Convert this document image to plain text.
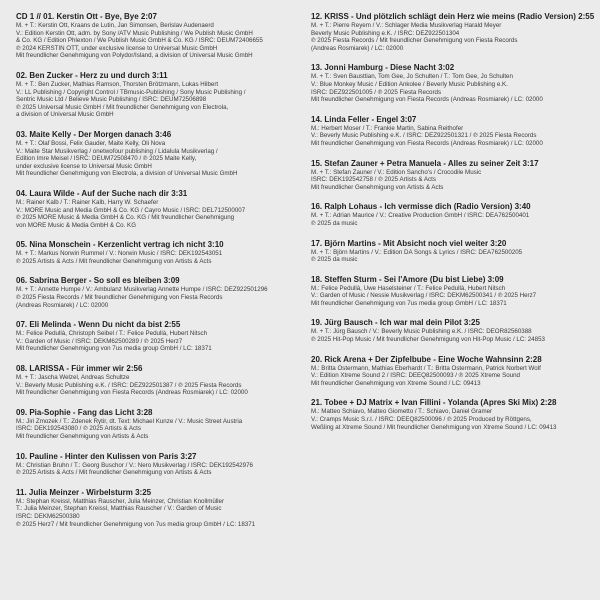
CD 1 // 01. Kerstin Ott - Bye, Bye 2:07
M. + T.: Kerstin Ott, Kraans de Lutin, Jan Simonsen, Berislav Audenaerd
V.: Edition Kerstin Ott, adm. by Sony /ATV Music Publishing / We Publish Music GmbH
& Co. KG / Edition Phlexton / We Publish Music GmbH & Co. KG / ISRC: DEUM72406655
℗ 2024 KERSTIN OTT, under exclusive license to Universal Music GmbH
Mit freundlicher Genehmigung von Polydor/Island, a division of Universal Music GmbH
02. Ben Zucker - Herz zu und durch 3:11
M. + T.: Ben Zucker, Mathias Ramson, Thorsten Brötzmann, Lukas Hilbert
V.: LL Publishing / Copyright Control / TBmusic-Publishing / Sony Music Publishing /
Sentric Music Ltd / Believe Music Publishing / ISRC: DEUM72506898
℗ 2025 Universal Music GmbH / Mit freundlicher Genehmigung von Electrola,
a division of Universal Music GmbH
03. Maite Kelly - Der Morgen danach 3:46
M. + T.: Olaf Bossi, Felix Gauder, Maite Kelly, Oli Nova
V.: Maite Star Musikverlag / onetwofour publishing / Lidalula Musikverlag /
Edition Imre Meisel / ISRC: DEUM72508470 / ℗ 2025 Maite Kelly,
under exclusive license to Universal Music GmbH
Mit freundlicher Genehmigung von Electrola, a division of Universal Music GmbH
04. Laura Wilde - Auf der Suche nach dir 3:31
M.: Rainer Kalb / T.: Rainer Kalb, Harry W. Schaefer
V.: MORE Music and Media GmbH & Co. KG / Cayro Music / ISRC: DEL712500007
℗ 2025 MORE Music & Media GmbH & Co. KG / Mit freundlicher Genehmigung
von MORE Music & Media GmbH & Co. KG
05. Nina Monschein - Kerzenlicht vertrag ich nicht 3:10
M. + T.: Markus Norwin Rummel / V.: Norwin Music / ISRC: DEK192543051
℗ 2025 Artists & Acts / Mit freundlicher Genehmigung von Artists & Acts
06. Sabrina Berger - So soll es bleiben 3:09
M. + T.: Annette Humpe / V.: Ambulanz Musikverlag Annette Humpe / ISRC: DEZ922501296
℗ 2025 Fiesta Records / Mit freundlicher Genehmigung von Fiesta Records
(Andreas Rosmiarek) / LC: 02000
07. Eli Melinda - Wenn Du nicht da bist 2:55
M.: Felice Pedullà, Christoph Seibel / T.: Felice Pedullà, Hubert Nitsch
V.: Garden of Music / ISRC: DEKM62500289 / ℗ 2025 Herz7
Mit freundlicher Genehmigung von 7us media group GmbH / LC: 18371
08. LARISSA - Für immer wir 2:56
M. + T.: Jascha Welzel, Andreas Schultze
V.: Beverly Music Publishing e.K. / ISRC: DEZ922501387 / ℗ 2025 Fiesta Records
Mit freundlicher Genehmigung von Fiesta Records (Andreas Rosmiarek) / LC: 02000
09. Pia-Sophie - Fang das Licht 3:28
M.: Jiri Zmozek / T.: Zdenek Rytir, dt. Text: Michael Kunze / V.: Music Street Austria
ISRC: DEK192543080 / ℗ 2025 Artists & Acts
Mit freundlicher Genehmigung von Artists & Acts
10. Pauline - Hinter den Kulissen von Paris 3:27
M.: Christian Bruhn / T.: Georg Buschor / V.: Nero Musikverlag / ISRC: DEK192542976
℗ 2025 Artists & Acts / Mit freundlicher Genehmigung von Artists & Acts
11. Julia Meinzer - Wirbelsturm 3:25
M.: Stephan Kreissl, Matthias Rauscher, Julia Meinzer, Christian Knollmüller
T.: Julia Meinzer, Stephan Kreissl, Matthias Rauscher / V.: Garden of Music
ISRC: DEKM62500380
℗ 2025 Herz7 / Mit freundlicher Genehmigung von 7us media group GmbH / LC: 18371
12. KRISS - Und plötzlich schlägt dein Herz wie meins (Radio Version) 2:55
M. + T.: Pierre Reyem / V.: Schlager Media Musikverlag Harald Meyer
Beverly Music Publishing e.K. / ISRC: DEZ922501304
℗ 2025 Fiesta Records / Mit freundlicher Genehmigung von Fiesta Records
(Andreas Rosmiarek) / LC: 02000
13. Jonni Hamburg - Diese Nacht 3:02
M. + T.: Sven Bausttian, Tom Gee, Jo Schulten / T.: Tom Gee, Jo Schulten
V.: Blue Monkey Music / Edition Ankolee / Beverly Music Publishing e.K.
ISRC: DEZ922501005 / ℗ 2025 Fiesta Records
Mit freundlicher Genehmigung von Fiesta Records (Andreas Rosmiarek) / LC: 02000
14. Linda Feller - Engel 3:07
M.: Herbert Moser / T.: Frankie Martin, Sabina Reithofer
V.: Beverly Music Publishing e.K. / ISRC: DEZ922501321 / ℗ 2025 Fiesta Records
Mit freundlicher Genehmigung von Fiesta Records (Andreas Rosmiarek) / LC: 02000
15. Stefan Zauner + Petra Manuela - Alles zu seiner Zeit 3:17
M. + T.: Stefan Zauner / V.: Edition Sancho's / Crocodile Music
ISRC: DEK192542758 / ℗ 2025 Artists & Acts
Mit freundlicher Genehmigung von Artists & Acts
16. Ralph Lohaus - Ich vermisse dich (Radio Version) 3:40
M. + T.: Adrian Maurice / V.: Creative Production GmbH / ISRC: DEA762500401
℗ 2025 da music
17. Björn Martins - Mit Absicht noch viel weiter 3:20
M. + T.: Björn Martins / V.: Edition DA Songs & Lyrics / ISRC: DEA762500205
℗ 2025 da music
18. Steffen Sturm - Sei l'Amore (Du bist Liebe) 3:09
M.: Felice Pedullà, Uwe Haselsteiner / T.: Felice Pedullà, Hubert Nitsch
V.: Garden of Music / Nessie Musikverlag / ISRC: DEKM62500341 / ℗ 2025 Herz7
Mit freundlicher Genehmigung von 7us media group GmbH / LC: 18371
19. Jürg Bausch - Ich war mal dein Pilot 3:25
M. + T.: Jürg Bausch / V.: Beverly Music Publishing e.K. / ISRC: DEOR82560388
℗ 2025 Hit-Pop Music / Mit freundlicher Genehmigung von Hit-Pop Music / LC: 24853
20. Rick Arena + Der Zipfelbube - Eine Woche Wahnsinn 2:28
M.: Britta Ostermann, Mathias Eberhardt / T.: Britta Ostermann, Patrick Norbert Wolf
V.: Edition Xtreme Sound 2 / ISRC: DEEQ82500093 / ℗ 2025 Xtreme Sound
Mit freundlicher Genehmigung von Xtreme Sound / LC: 09413
21. Tobee + DJ Matrix + Ivan Fillini - Yolanda (Apres Ski Mix) 2:28
M.: Matteo Schiavo, Matteo Giometto / T.: Schiavo, Daniel Gramer
V.: Cramps Music S.r.l. / ISRC: DEEQ82500096 / ℗ 2025 Produced by Röttgens,
Weßling at Xtreme Sound / Mit freundlicher Genehmigung von Xtreme Sound / LC: 09413
